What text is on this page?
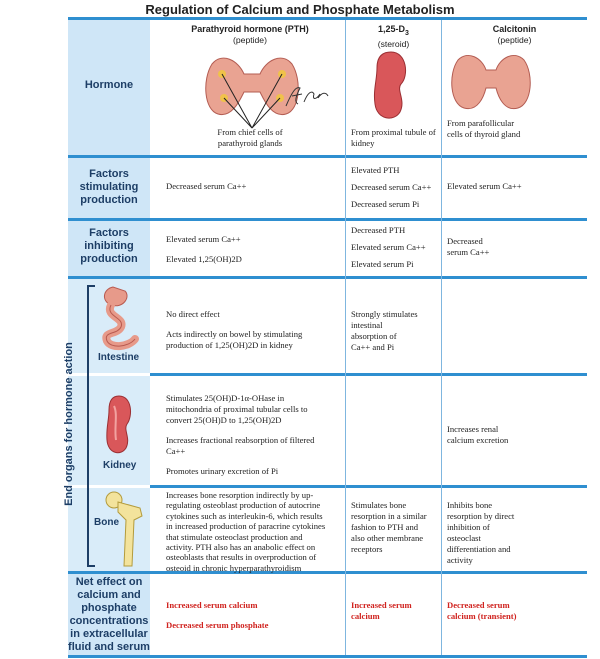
Regulation of Calcium and Phosphate Metabolism
Hormone
Factors
stimulating
production
Factors
inhibiting
production
Net effect on
calcium and
phosphate
concentrations
in extracellular
fluid and serum
End organs for hormone action Intestine
Kidney
Bone
Parathyroid hormone (PTH)
(peptide)
$1,25-D_3$
(steroid)
Calcitonin
(peptide)
From chief cells of
parathyroid glands
From proximal tubule of
kidney
From parafollicular
cells of thyroid gland
Decreased serum Ca++

Elevated PTH

Decreased serum Ca++

Decreased serum Pi

Elevated serum Ca++

Elevated serum Ca++

Elevated 1,25(OH)2D

Decreased PTH

Elevated serum Ca++

Elevated serum Pi

Decreased
serum Ca++

No direct effect

Acts indirectly on bowel by stimulating
production of 1,25(OH)2D in kidney
Strongly stimulates
intestinal
absorption of
Ca++ and Pi
Stimulates 25(OH)D-1α-OHase in
mitochondria of proximal tubular cells to

convert 25(OH)D to 1,25(OH)2D

Increases fractional reabsorption of filtered

Ca++

Promotes urinary excretion of Pi
Increases renal
calcium excretion
Increases bone resorption indirectly by up-
regulating osteoblast production of autocrine
cytokines such as interleukin-6, which results
in increased production of paracrine cytokines
that stimulate osteoclast production and
activity. PTH also has an anabolic effect on
osteoblasts that results in overproduction of
osteoid in chronic hyperparathyroidism
Stimulates bone
resorption in a similar
fashion to PTH and
also other membrane
receptors
Inhibits bone
resorption by direct
inhibition of
osteoclast
differentiation and
activity

Increased serum calcium

Decreased serum phosphate

Increased serum
calcium
Decreased serum
calcium (transient)
